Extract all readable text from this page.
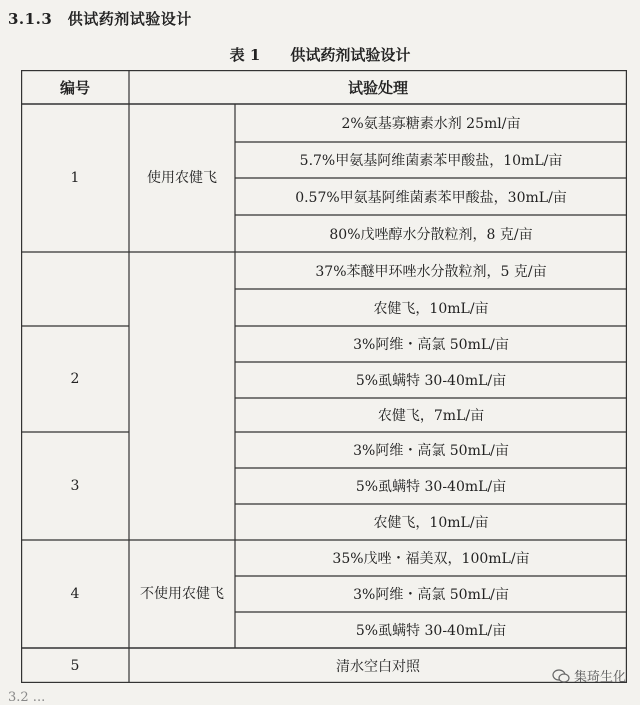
3.1.3　供试药剂试验设计
表 1 供试药剂试验设计
编号	试验处理
1
2
3
4
5
使用农健飞
不使用农健飞
2%氨基寡糖素水剂 25ml/亩
5.7%甲氨基阿维菌素苯甲酸盐，10mL/亩
0.57%甲氨基阿维菌素苯甲酸盐，30mL/亩
80%戊唑醇水分散粒剂，8 克/亩
37%苯醚甲环唑水分散粒剂，5 克/亩
农健飞，10mL/亩
3%阿维・高氯 50mL/亩
5%虱螨特 30-40mL/亩
农健飞，7mL/亩
3%阿维・高氯 50mL/亩
5%虱螨特 30-40mL/亩
农健飞，10mL/亩
35%戊唑・福美双，100mL/亩
3%阿维・高氯 50mL/亩
5%虱螨特 30-40mL/亩
清水空白对照
集琦生化
3.2 ...
